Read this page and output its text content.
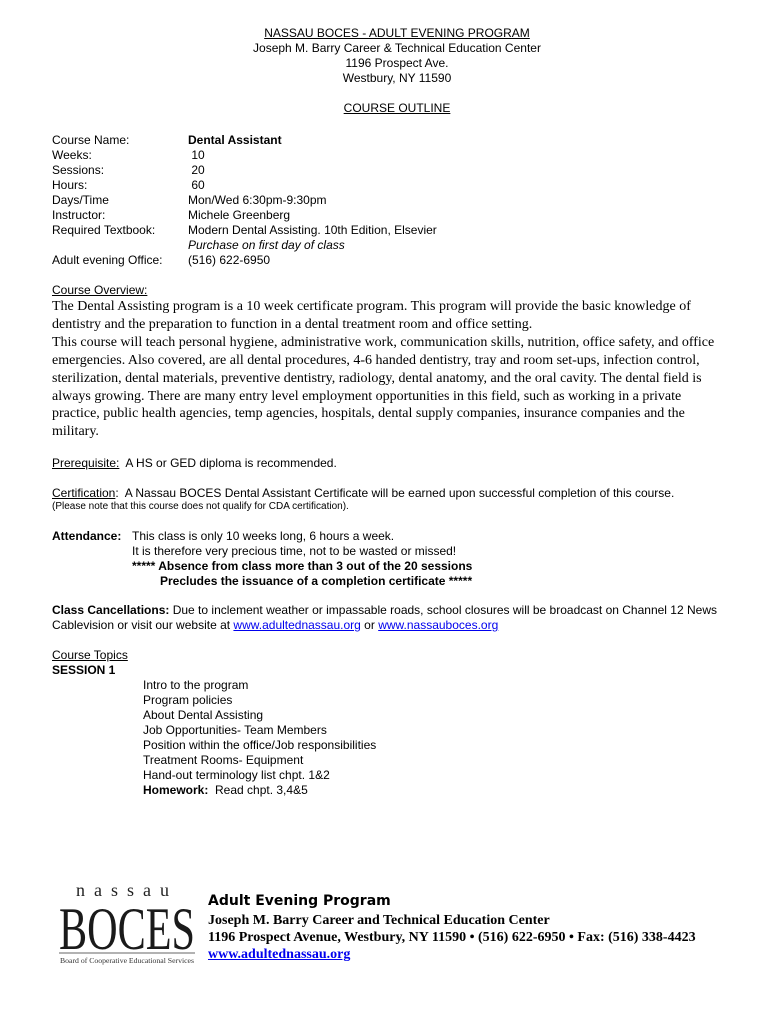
NASSAU BOCES - ADULT EVENING PROGRAM
Joseph M. Barry Career & Technical Education Center
1196 Prospect Ave.
Westbury, NY 11590
COURSE OUTLINE
Course Name:	Dental Assistant
Weeks:	10
Sessions:	20
Hours:	60
Days/Time	Mon/Wed 6:30pm-9:30pm
Instructor:	Michele Greenberg
Required Textbook:	Modern Dental Assisting. 10th Edition, Elsevier
Purchase on first day of class
Adult evening Office:	(516) 622-6950
Course Overview:

The Dental Assisting program is a 10 week certificate program. This program will provide the basic knowledge of dentistry and the preparation to function in a dental treatment room and office setting.

This course will teach personal hygiene, administrative work, communication skills, nutrition, office safety, and office emergencies. Also covered, are all dental procedures, 4-6 handed dentistry, tray and room set-ups, infection control, sterilization, dental materials, preventive dentistry, radiology, dental anatomy, and the oral cavity. The dental field is always growing. There are many entry level employment opportunities in this field, such as working in a private practice, public health agencies, temp agencies, hospitals, dental supply companies, insurance companies and the military.

Prerequisite:  A HS or GED diploma is recommended.
Certification:  A Nassau BOCES Dental Assistant Certificate will be earned upon successful completion of this course.
(Please note that this course does not qualify for CDA certification).
Attendance: This class is only 10 weeks long, 6 hours a week.
It is therefore very precious time, not to be wasted or missed!
***** Absence from class more than 3 out of the 20 sessions
Precludes the issuance of a completion certificate *****
Class Cancellations: Due to inclement weather or impassable roads, school closures will be broadcast on Channel 12 News Cablevision or visit our website at www.adultednassau.org or www.nassauboces.org
Course Topics
SESSION 1
Intro to the program
Program policies
About Dental Assisting
Job Opportunities- Team Members
Position within the office/Job responsibilities
Treatment Rooms- Equipment
Hand-out terminology list chpt. 1&2
Homework:  Read chpt. 3,4&5
nassau
BOCES
Board of Cooperative Educational Services
Adult Evening Program
Joseph M. Barry Career and Technical Education Center
1196 Prospect Avenue, Westbury, NY 11590 • (516) 622-6950 • Fax: (516) 338-4423
www.adultednassau.org
